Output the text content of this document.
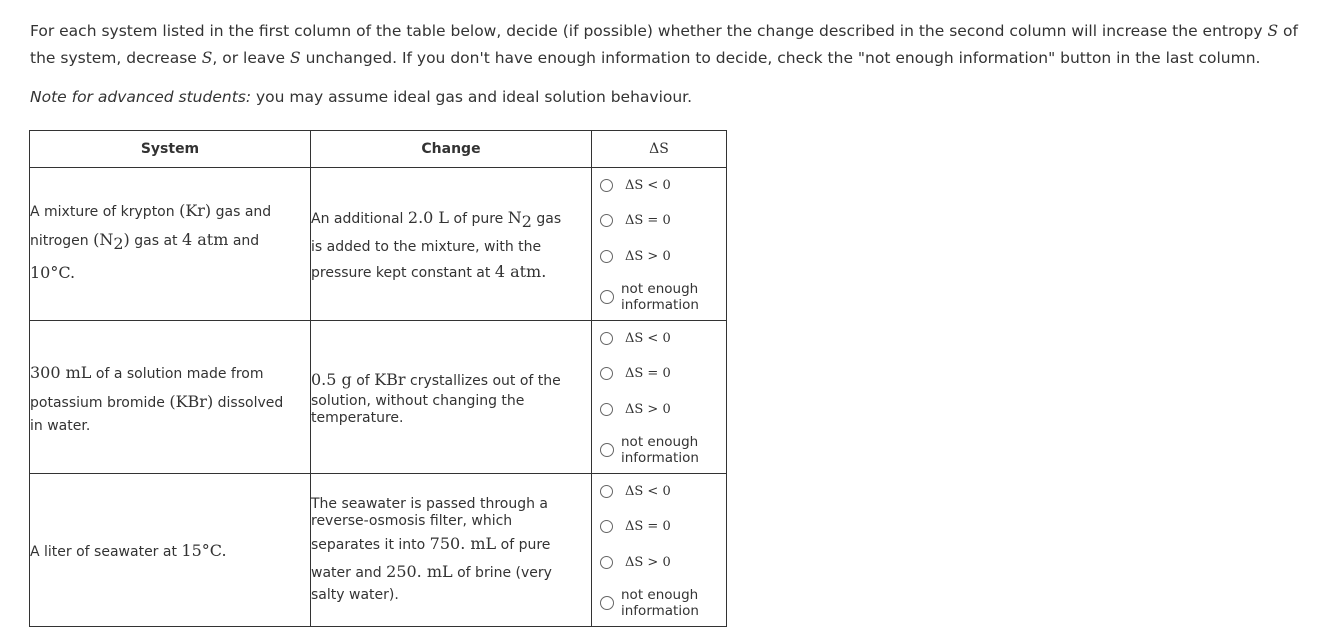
For each system listed in the first column of the table below, decide (if possible) whether the change described in the second column will increase the entropy S of the system, decrease S, or leave S unchanged. If you don't have enough information to decide, check the "not enough information" button in the last column.
Note for advanced students: you may assume ideal gas and ideal solution behaviour.
System	Change	ΔS

A mixture of krypton (Kr) gas and
nitrogen $(N_2)$ gas at 4 atm and
10°C.	An additional 2.0 L of pure $N_2$ gas
is added to the mixture, with the
pressure kept constant at 4 atm.	ΔS < 0
ΔS = 0
ΔS > 0
not enough
information

300 mL of a solution made from
potassium bromide (KBr) dissolved
in water.	0.5 g of KBr crystallizes out of the
solution, without changing the
temperature.	ΔS < 0
ΔS = 0
ΔS > 0
not enough
information

A liter of seawater at 15°C.	The seawater is passed through a
reverse-osmosis filter, which
separates it into 750. mL of pure
water and 250. mL of brine (very
salty water).	ΔS < 0
ΔS = 0
ΔS > 0
not enough
information
